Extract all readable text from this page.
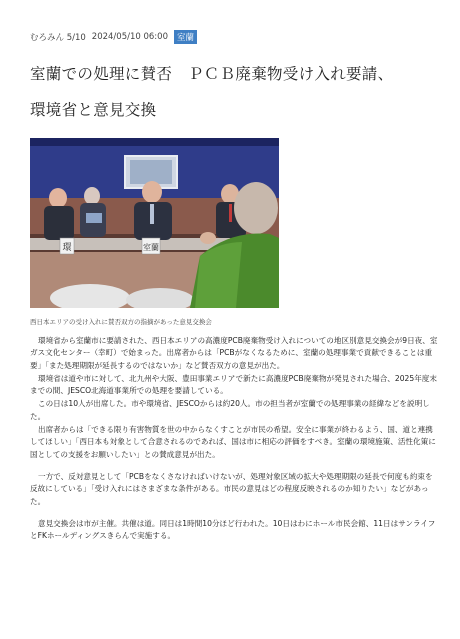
むろみん 5/10 2024/05/10 06:00	室蘭
室蘭での処理に賛否　ＰＣＢ廃棄物受け入れ要請、
環境省と意見交換
環	室蘭
西日本エリアの受け入れに賛否双方の指摘があった意見交換会

環境省から室蘭市に要請された、西日本エリアの高濃度PCB廃棄物受け入れについての地区別意見交換会が9日夜、室ガス文化センター（幸町）で始まった。出席者からは「PCBがなくなるために、室蘭の処理事業で貢献できることは重要」「また処理期限が延長するのではないか」など賛否双方の意見が出た。

環境省は道や市に対して、北九州や大阪、豊田事業エリアで新たに高濃度PCB廃棄物が発見された場合、2025年度末までの間、JESCO北海道事業所での処理を要請している。

この日は10人が出席した。市や環境省、JESCOからは約20人。市の担当者が室蘭での処理事業の経緯などを説明した。

出席者からは「できる限り有害物質を世の中からなくすことが市民の希望。安全に事業が終わるよう、国、道と連携してほしい」「西日本も対象として合意されるのであれば、国は市に相応の評価をすべき。室蘭の環境施策、活性化策に国としての支援をお願いしたい」との賛成意見が出た。

一方で、反対意見として「PCBをなくさなければいけないが、処理対象区域の拡大や処理期限の延長で何度も約束を反故にしている」「受け入れにはさまざまな条件がある。市民の意見はどの程度反映されるのか知りたい」などがあった。

意見交換会は市が主催。共催は道。同日は1時間10分ほど行われた。10日はわにホール市民会館、11日はサンライフとFKホールディングスきらんで実施する。
